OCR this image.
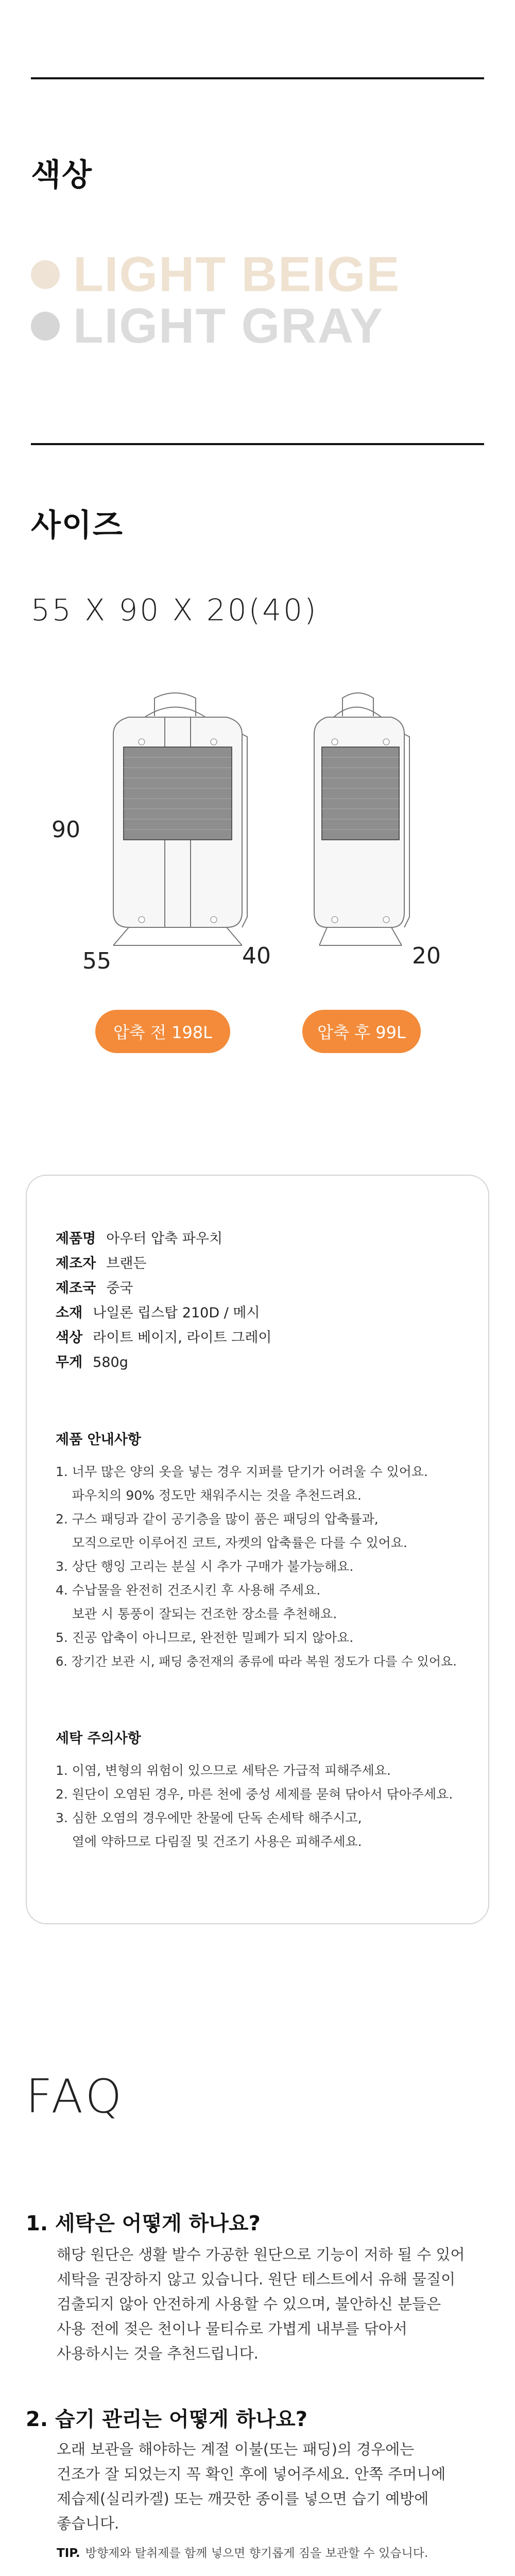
색상
LIGHT BEIGE
LIGHT GRAY
사이즈
55 X 90 X 20(40)
90
55	40
압축 전 198L
20
압축 후 99L
제품명 아우터 압축 파우치
제조자 브랜든
제조국 중국
소재 나일론 립스탑 210D / 메시
색상 라이트 베이지, 라이트 그레이
무게 580g
제품 안내사항
1. 너무 많은 양의 옷을 넣는 경우 지퍼를 닫기가 어려울 수 있어요.
파우치의 90% 정도만 채워주시는 것을 추천드려요.
2. 구스 패딩과 같이 공기층을 많이 품은 패딩의 압축률과,
모직으로만 이루어진 코트, 자켓의 압축률은 다를 수 있어요.
3. 상단 행잉 고리는 분실 시 추가 구매가 불가능해요.
4. 수납물을 완전히 건조시킨 후 사용해 주세요.
보관 시 통풍이 잘되는 건조한 장소를 추천해요.
5. 진공 압축이 아니므로, 완전한 밀폐가 되지 않아요.
6. 장기간 보관 시, 패딩 충전재의 종류에 따라 복원 정도가 다를 수 있어요.
세탁 주의사항
1. 이염, 변형의 위험이 있으므로 세탁은 가급적 피해주세요.
2. 원단이 오염된 경우, 마른 천에 중성 세제를 묻혀 닦아서 닦아주세요.
3. 심한 오염의 경우에만 찬물에 단독 손세탁 해주시고,
열에 약하므로 다림질 및 건조기 사용은 피해주세요.
FAQ
1. 세탁은 어떻게 하나요?
해당 원단은 생활 발수 가공한 원단으로 기능이 저하 될 수 있어
세탁을 권장하지 않고 있습니다. 원단 테스트에서 유해 물질이
검출되지 않아 안전하게 사용할 수 있으며, 불안하신 분들은
사용 전에 젖은 천이나 물티슈로 가볍게 내부를 닦아서
사용하시는 것을 추천드립니다.
2. 습기 관리는 어떻게 하나요?
오래 보관을 해야하는 계절 이불(또는 패딩)의 경우에는
건조가 잘 되었는지 꼭 확인 후에 넣어주세요. 안쪽 주머니에
제습제(실리카겔) 또는 깨끗한 종이를 넣으면 습기 예방에
좋습니다.
TIP. 방향제와 탈취제를 함께 넣으면 향기롭게 짐을 보관할 수 있습니다.
